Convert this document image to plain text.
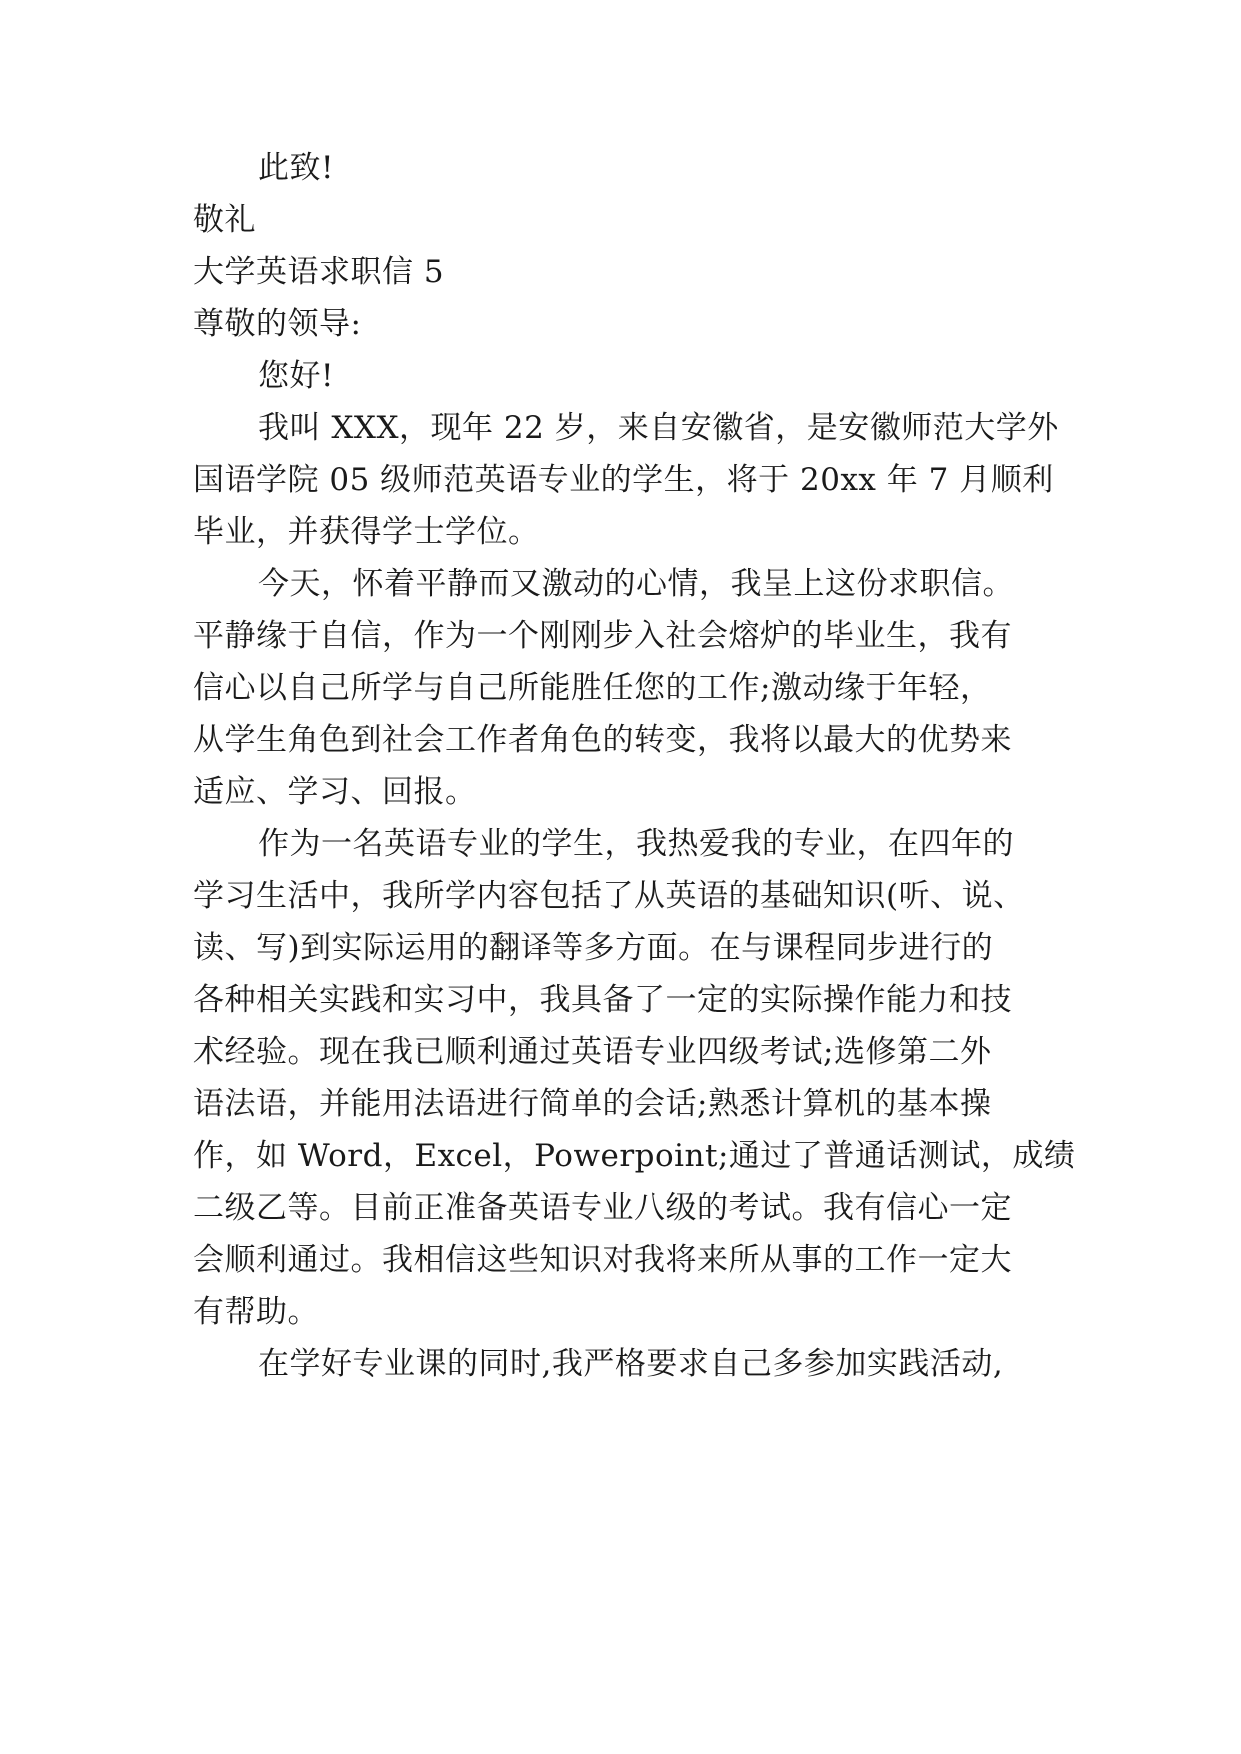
此致!
敬礼
大学英语求职信 5
尊敬的领导:
您好!
我叫 XXX，现年 22 岁，来自安徽省，是安徽师范大学外
国语学院 05 级师范英语专业的学生，将于 20xx 年 7 月顺利
毕业，并获得学士学位。
今天，怀着平静而又激动的心情，我呈上这份求职信。
平静缘于自信，作为一个刚刚步入社会熔炉的毕业生，我有
信心以自己所学与自己所能胜任您的工作;激动缘于年轻，
从学生角色到社会工作者角色的转变，我将以最大的优势来
适应、学习、回报。
作为一名英语专业的学生，我热爱我的专业，在四年的
学习生活中，我所学内容包括了从英语的基础知识(听、说、
读、写)到实际运用的翻译等多方面。在与课程同步进行的
各种相关实践和实习中，我具备了一定的实际操作能力和技
术经验。现在我已顺利通过英语专业四级考试;选修第二外
语法语，并能用法语进行简单的会话;熟悉计算机的基本操
作，如 Word，Excel，Powerpoint;通过了普通话测试，成绩
二级乙等。目前正准备英语专业八级的考试。我有信心一定
会顺利通过。我相信这些知识对我将来所从事的工作一定大
有帮助。
在学好专业课的同时,我严格要求自己多参加实践活动,
